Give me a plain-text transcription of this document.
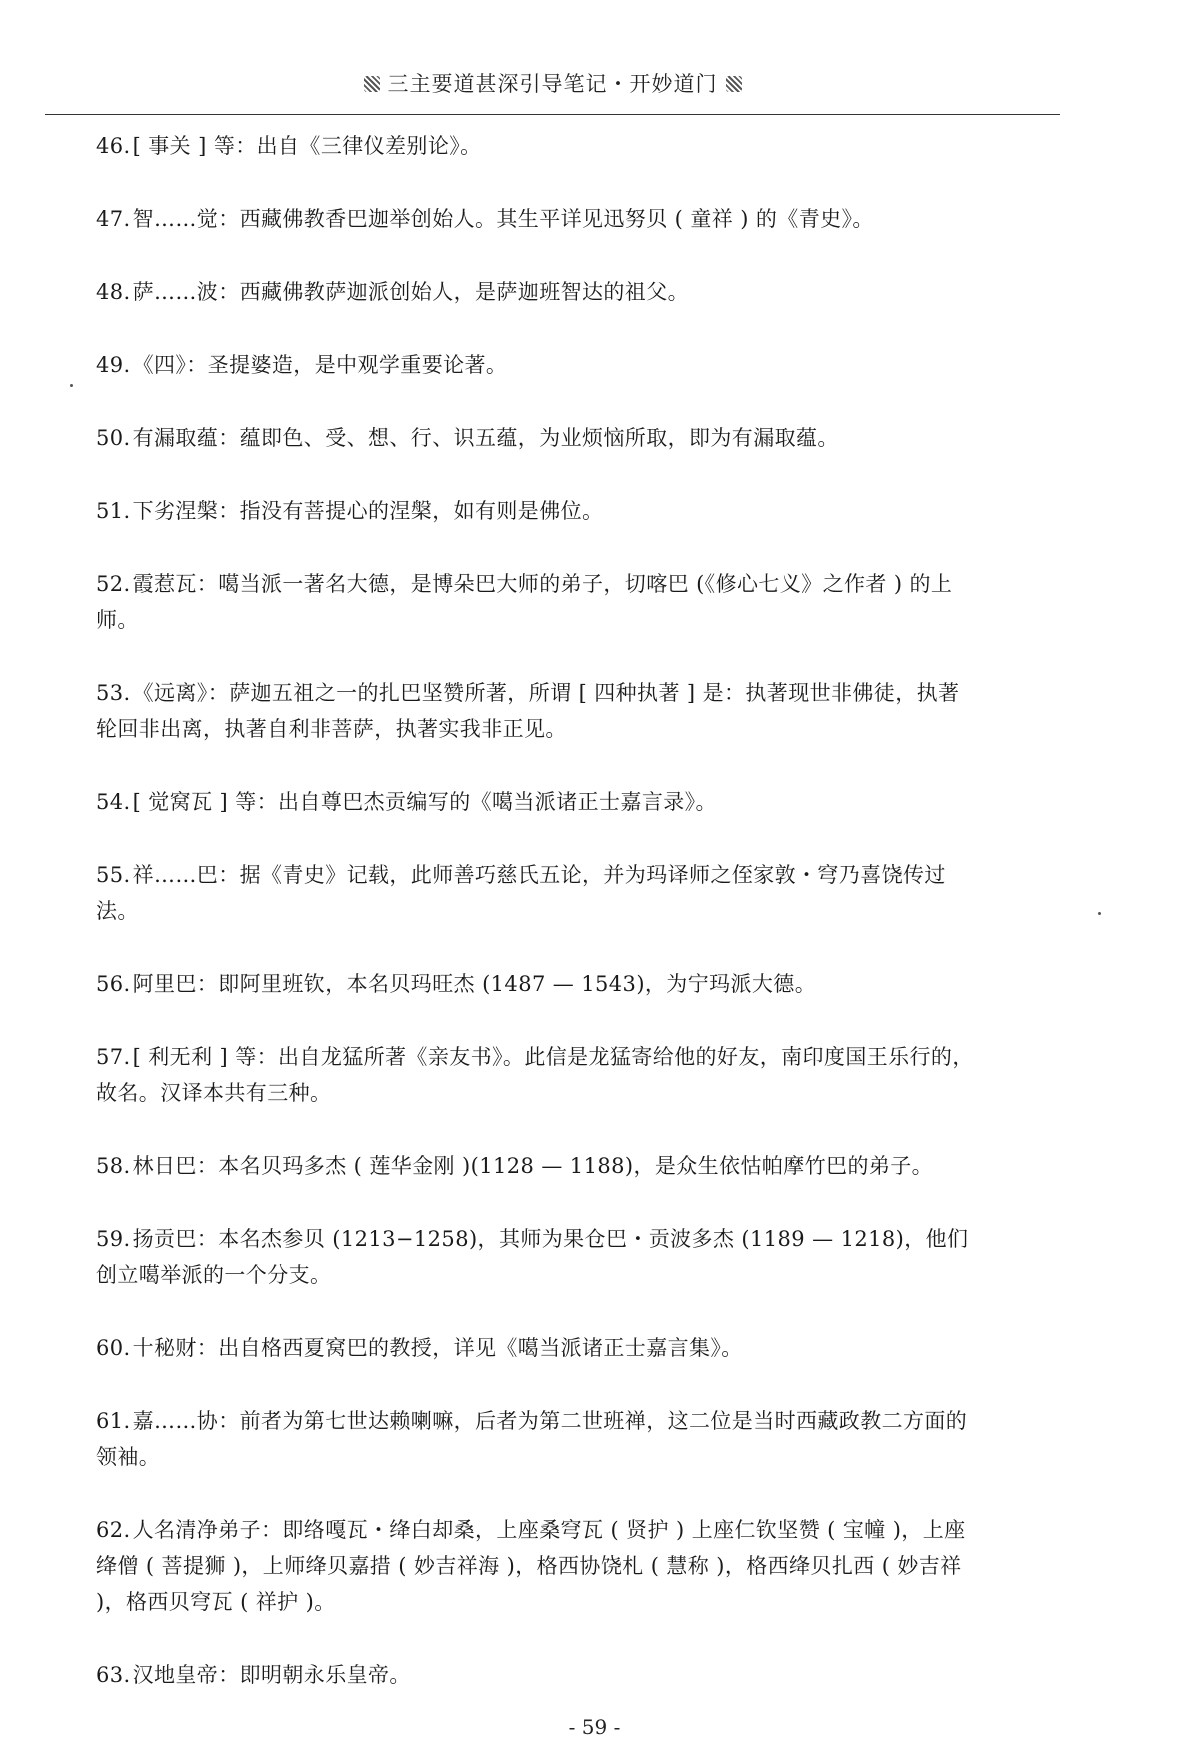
三主要道甚深引导笔记・开妙道门
46.[ 事关 ] 等：出自《三律仪差别论》。
47.智……觉：西藏佛教香巴迦举创始人。其生平详见迅努贝 ( 童祥 ) 的《青史》。
48.萨……波：西藏佛教萨迦派创始人，是萨迦班智达的祖父。
49.《四》：圣提婆造，是中观学重要论著。
50.有漏取蕴：蕴即色、受、想、行、识五蕴，为业烦恼所取，即为有漏取蕴。
51.下劣涅槃：指没有菩提心的涅槃，如有则是佛位。
52.霞惹瓦：噶当派一著名大德，是博朵巴大师的弟子，切喀巴 (《修心七义》之作者 ) 的上师。
53.《远离》：萨迦五祖之一的扎巴坚赞所著，所谓 [ 四种执著 ] 是：执著现世非佛徒，执著轮回非出离，执著自利非菩萨，执著实我非正见。
54.[ 觉窝瓦 ] 等：出自尊巴杰贡编写的《噶当派诸正士嘉言录》。
55.祥……巴：据《青史》记载，此师善巧慈氏五论，并为玛译师之侄家敦・穹乃喜饶传过法。
56.阿里巴：即阿里班钦，本名贝玛旺杰 (1487 — 1543)，为宁玛派大德。
57.[ 利无利 ] 等：出自龙猛所著《亲友书》。此信是龙猛寄给他的好友，南印度国王乐行的，故名。汉译本共有三种。
58.林日巴：本名贝玛多杰 ( 莲华金刚 )(1128 — 1188)，是众生依怙帕摩竹巴的弟子。
59.扬贡巴：本名杰参贝 (1213−1258)，其师为果仓巴・贡波多杰 (1189 — 1218)，他们创立噶举派的一个分支。
60.十秘财：出自格西夏窝巴的教授，详见《噶当派诸正士嘉言集》。
61.嘉……协：前者为第七世达赖喇嘛，后者为第二世班禅，这二位是当时西藏政教二方面的领袖。
62.人名清净弟子：即络嘎瓦・绛白却桑，上座桑穹瓦 ( 贤护 ) 上座仁钦坚赞 ( 宝幢 )，上座绛僧 ( 菩提狮 )，上师绛贝嘉措 ( 妙吉祥海 )，格西协饶札 ( 慧称 )，格西绛贝扎西 ( 妙吉祥 )，格西贝穹瓦 ( 祥护 )。
63.汉地皇帝：即明朝永乐皇帝。
- 59 -
